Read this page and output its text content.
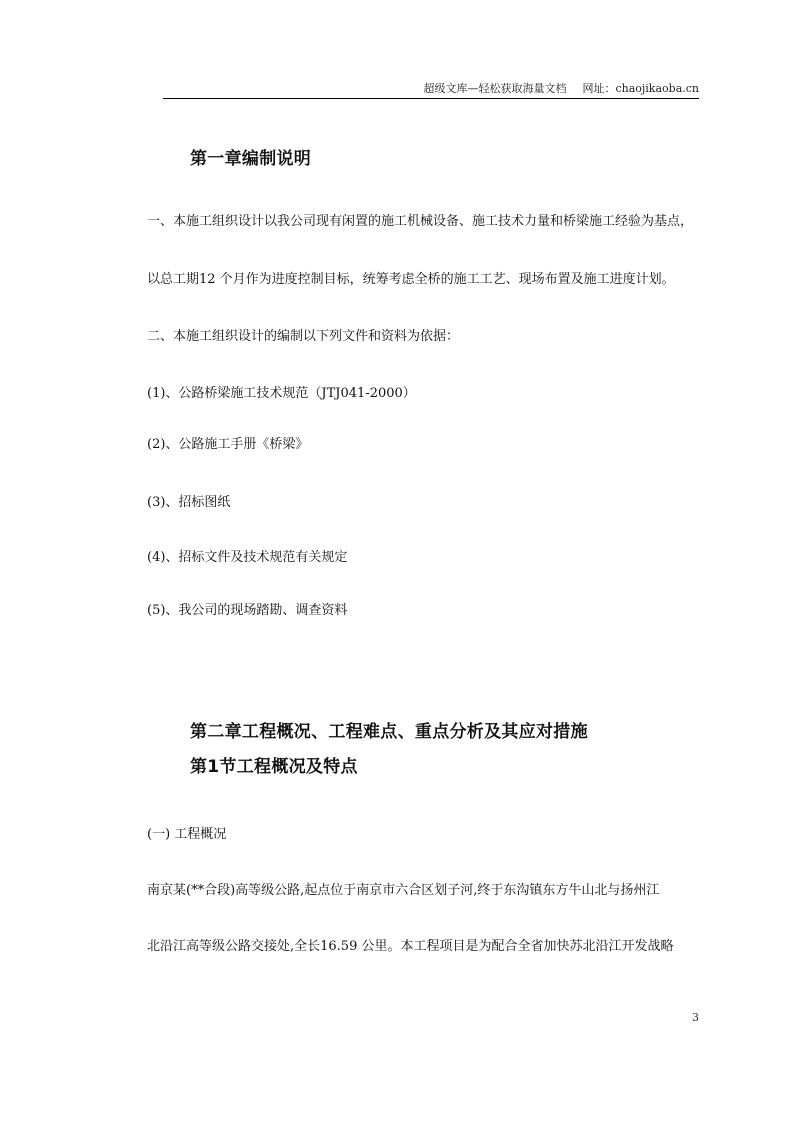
超级文库—轻松获取海量文档 网址：chaojikaoba.cn
第一章编制说明
一、本施工组织设计以我公司现有闲置的施工机械设备、施工技术力量和桥梁施工经验为基点，
以总工期12 个月作为进度控制目标，统筹考虑全桥的施工工艺、现场布置及施工进度计划。
二、本施工组织设计的编制以下列文件和资料为依据：
(1)、公路桥梁施工技术规范（JTJ041-2000）
(2)、公路施工手册《桥梁》
(3)、招标图纸
(4)、招标文件及技术规范有关规定
(5)、我公司的现场踏勘、调查资料
第二章工程概况、工程难点、重点分析及其应对措施
第1节工程概况及特点
(一) 工程概况
南京某(**合段)高等级公路,起点位于南京市六合区划子河,终于东沟镇东方牛山北与扬州江
北沿江高等级公路交接处,全长16.59 公里。本工程项目是为配合全省加快苏北沿江开发战略
3
